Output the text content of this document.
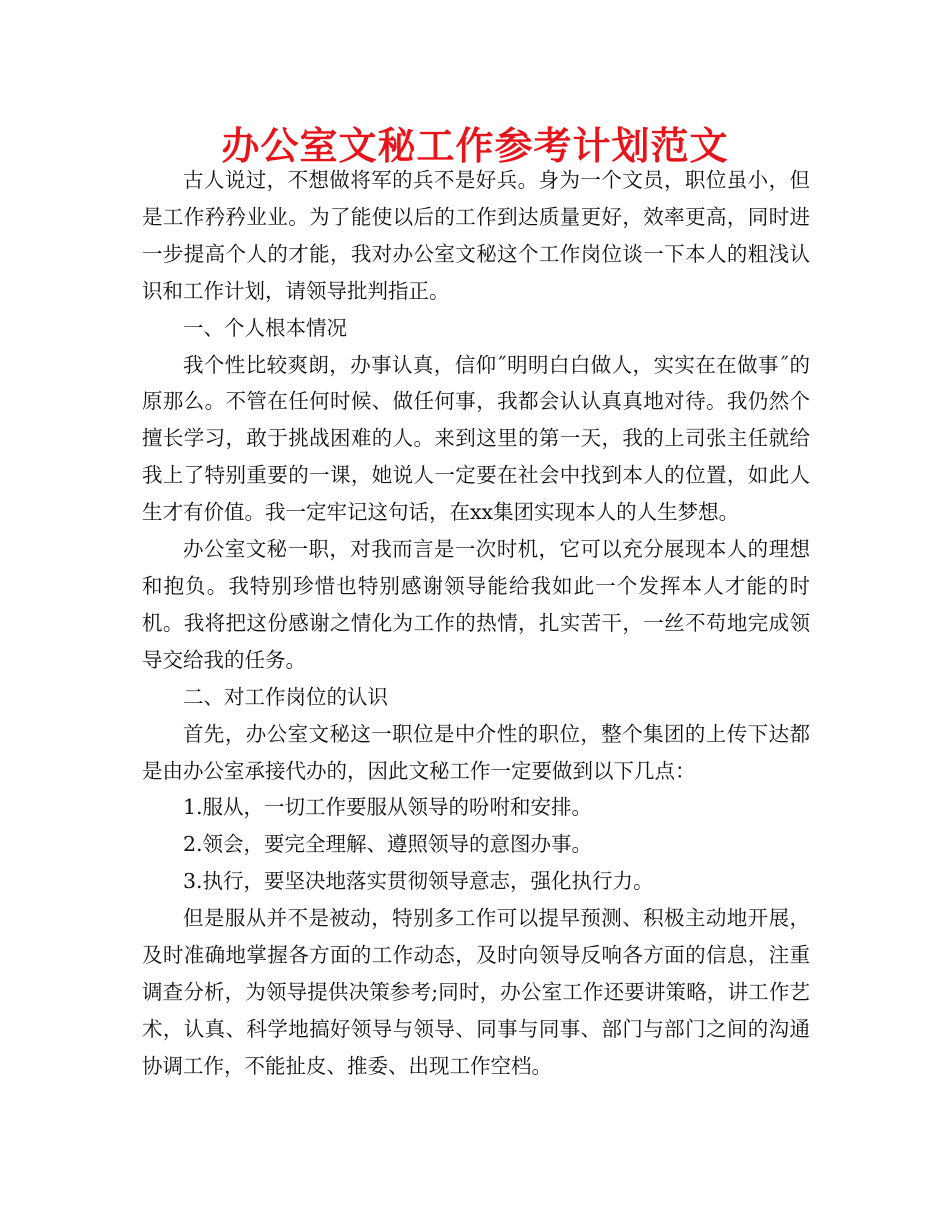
办公室文秘工作参考计划范文

古人说过，不想做将军的兵不是好兵。身为一个文员，职位虽小，但是工作矜矜业业。为了能使以后的工作到达质量更好，效率更高，同时进一步提高个人的才能，我对办公室文秘这个工作岗位谈一下本人的粗浅认识和工作计划，请领导批判指正。

一、个人根本情况

我个性比较爽朗，办事认真，信仰˝明明白白做人，实实在在做事˝的原那么。不管在任何时候、做任何事，我都会认认真真地对待。我仍然个擅长学习，敢于挑战困难的人。来到这里的第一天，我的上司张主任就给我上了特别重要的一课，她说人一定要在社会中找到本人的位置，如此人生才有价值。我一定牢记这句话，在xx集团实现本人的人生梦想。

办公室文秘一职，对我而言是一次时机，它可以充分展现本人的理想和抱负。我特别珍惜也特别感谢领导能给我如此一个发挥本人才能的时机。我将把这份感谢之情化为工作的热情，扎实苦干，一丝不苟地完成领导交给我的任务。

二、对工作岗位的认识

首先，办公室文秘这一职位是中介性的职位，整个集团的上传下达都是由办公室承接代办的，因此文秘工作一定要做到以下几点：

1.服从，一切工作要服从领导的吩咐和安排。

2.领会，要完全理解、遵照领导的意图办事。

3.执行，要坚决地落实贯彻领导意志，强化执行力。

但是服从并不是被动，特别多工作可以提早预测、积极主动地开展，及时准确地掌握各方面的工作动态，及时向领导反响各方面的信息，注重调查分析，为领导提供决策参考;同时，办公室工作还要讲策略，讲工作艺术，认真、科学地搞好领导与领导、同事与同事、部门与部门之间的沟通协调工作，不能扯皮、推委、出现工作空档。
